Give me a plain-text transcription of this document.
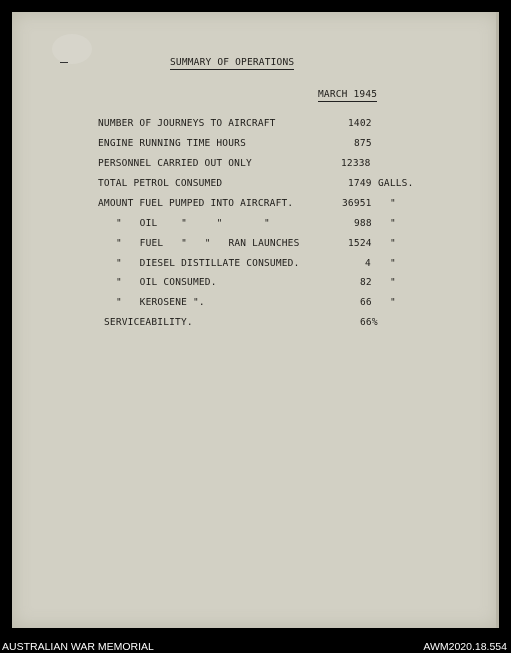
SUMMARY OF OPERATIONS
MARCH 1945
NUMBER OF JOURNEYS TO AIRCRAFT	1402
ENGINE RUNNING TIME HOURS	875
PERSONNEL CARRIED OUT ONLY	12338
TOTAL PETROL CONSUMED	1749 GALLS.
AMOUNT FUEL PUMPED INTO AIRCRAFT.	36951 "
"   OIL    "     "       "	988 "
"   FUEL   "   "   RAN LAUNCHES	1524 "
"   DIESEL DISTILLATE CONSUMED.	4 "
"   OIL CONSUMED.	82 "
"   KEROSENE ".	66 "
SERVICEABILITY.	66%
AUSTRALIAN WAR MEMORIAL	AWM2020.18.554
